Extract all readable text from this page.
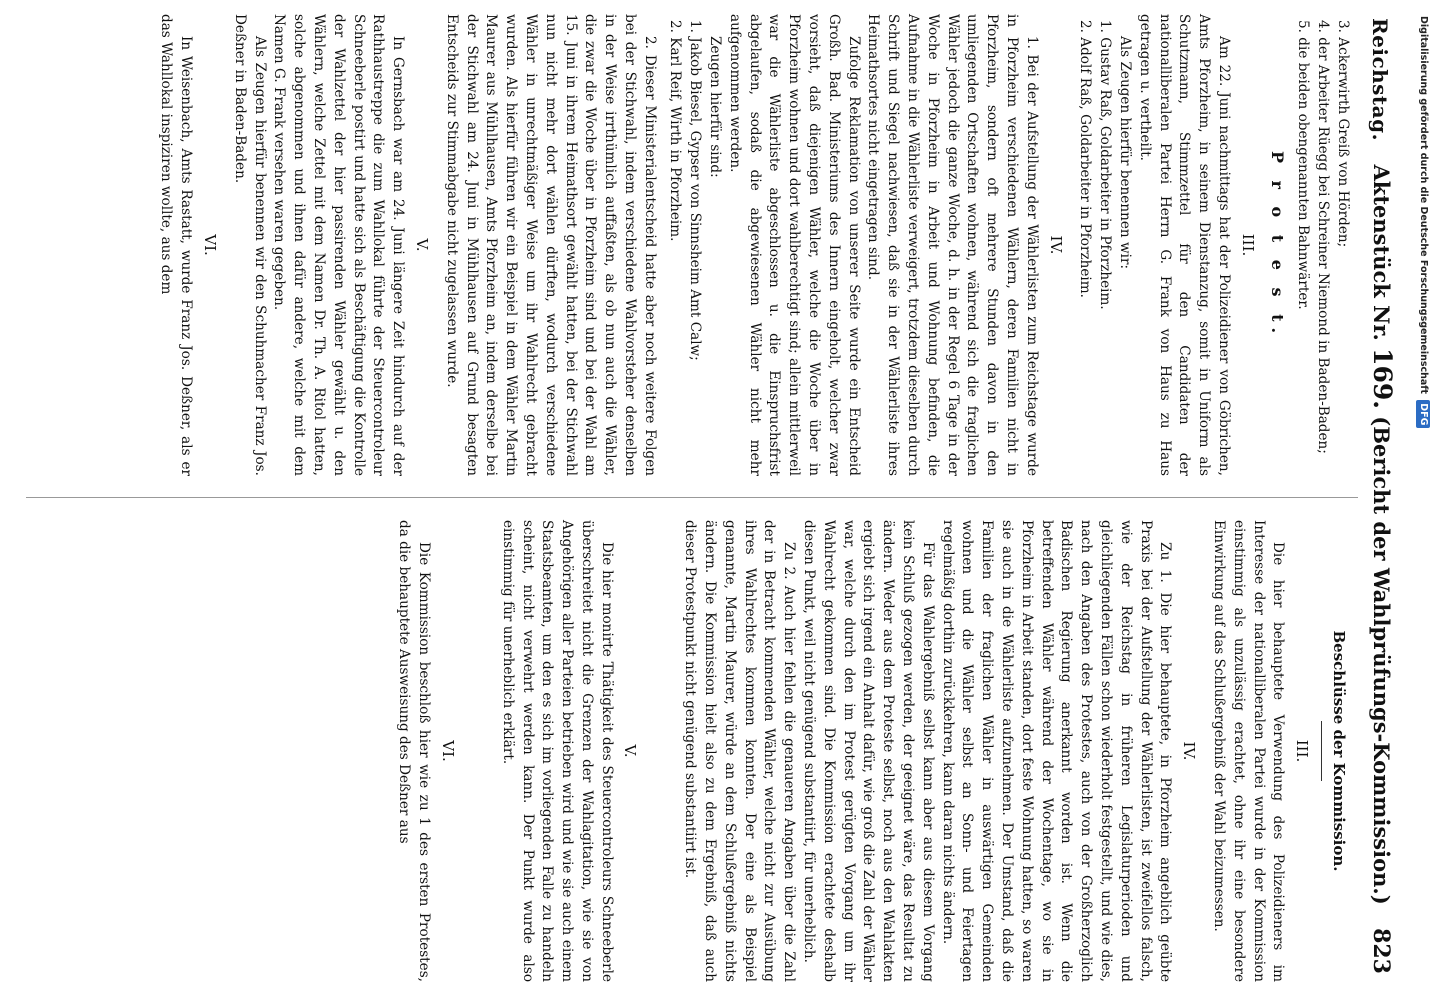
Reichstag.
Aktenstück Nr. 169. (Bericht der Wahlprüfungs-Kommission.)
823
3. Ackerwirth Greiß von Hörden;
4. der Arbeiter Rüegg bei Schreiner Niemond in Baden-Baden;
5. die beiden obengenannten Bahnwärter.
P r o t e s t.
III.

Am 22. Juni nachmittags hat der Polizeidiener von Göbrichen, Amts Pforzheim, in seinem Dienstanzug, somit in Uniform als Schutzmann, Stimmzettel für den Candidaten der nationalliberalen Partei Herrn G. Frank von Haus zu Haus getragen u. vertheilt.

Als Zeugen hierfür benennen wir:

1. Gustav Raß, Goldarbeiter in Pforzheim.
2. Adolf Raß, Goldarbeiter in Pforzheim.
IV.

1. Bei der Aufstellung der Wählerlisten zum Reichstage wurde in Pforzheim verschiedenen Wählern, deren Familien nicht in Pforzheim, sondern oft mehrere Stunden davon in den umliegenden Ortschaften wohnen, während sich die fraglichen Wähler jedoch die ganze Woche, d. h. in der Regel 6 Tage in der Woche in Pforzheim in Arbeit und Wohnung befinden, die Aufnahme in die Wählerliste verweigert, trotzdem dieselben durch Schrift und Siegel nachwiesen, daß sie in der Wählerliste ihres Heimathsortes nicht eingetragen sind.

Zufolge Reklamation von unserer Seite wurde ein Entscheid Großh. Bad. Ministeriums des Innern eingeholt, welcher zwar vorsieht, daß diejenigen Wähler, welche die Woche über in Pforzheim wohnen und dort wahlberechtigt sind; allein mittlerweil war die Wählerliste abgeschlossen u. die Einspruchsfrist abgelaufen, sodaß die abgewiesenen Wähler nicht mehr aufgenommen werden.

Zeugen hierfür sind:

1. Jakob Biesel, Gypser von Sinnsheim Amt Calw;
2. Karl Reif, Wirth in Pforzheim.

2. Dieser Ministerialentscheid hatte aber noch weitere Folgen bei der Stichwahl, indem verschiedene Wahlvorsteher denselben in der Weise irrthümlich auffaßten, als ob nun auch die Wähler, die zwar die Woche über in Pforzheim sind und bei der Wahl am 15. Juni in ihrem Heimathsort gewählt hatten, bei der Stichwahl nun nicht mehr dort wählen dürften, wodurch verschiedene Wähler in unrechtmäßiger Weise um ihr Wahlrecht gebracht wurden. Als hierfür führen wir ein Beispiel in dem Wähler Martin Maurer aus Mühlhausen, Amts Pforzheim an, indem derselbe bei der Stichwahl am 24. Juni in Mühlhausen auf Grund besagten Entscheids zur Stimmabgabe nicht zugelassen wurde.

V.

In Gernsbach war am 24. Juni längere Zeit hindurch auf der Rathhaustreppe die zum Wahllokal führte der Steuercontroleur Schneeberle postirt und hatte sich als Beschäftigung die Kontrolle der Wahlzettel der hier passirenden Wähler gewählt u. den Wählern, welche Zettel mit dem Namen Dr. Th. A. Ritol hatten, solche abgenommen und ihnen dafür andere, welche mit dem Namen G. Frank versehen waren gegeben.

Als Zeugen hierfür benennen wir den Schuhmacher Franz Jos. Deßner in Baden-Baden.

VI.

In Weisenbach, Amts Rastatt, wurde Franz Jos. Deßner, als er das Wahllokal inspiziren wollte, aus dem

Beschlüsse der Kommission.
III.

Die hier behauptete Verwendung des Polizeidieners im Interesse der nationalliberalen Partei wurde in der Kommission einstimmig als unzulässig erachtet, ohne ihr eine besondere Einwirkung auf das Schlußergebniß der Wahl beizumessen.

IV.

Zu 1. Die hier behauptete, in Pforzheim angeblich geübte Praxis bei der Aufstellung der Wählerlisten, ist zweifellos falsch, wie der Reichstag in früheren Legislaturperioden und gleichliegenden Fällen schon wiederholt festgestellt, und wie dies, nach den Angaben des Protestes, auch von der Großherzoglich Badischen Regierung anerkannt worden ist. Wenn die betreffenden Wähler während der Wochentage, wo sie in Pforzheim in Arbeit standen, dort feste Wohnung hatten, so waren sie auch in die Wählerliste aufzunehmen. Der Umstand, daß die Familien der fraglichen Wähler in auswärtigen Gemeinden wohnen und die Wähler selbst an Sonn- und Feiertagen regelmäßig dorthin zurückkehren, kann daran nichts ändern.

Für das Wahlergebniß selbst kann aber aus diesem Vorgang kein Schluß gezogen werden, der geeignet wäre, das Resultat zu ändern. Weder aus dem Proteste selbst, noch aus den Wahlakten ergiebt sich irgend ein Anhalt dafür, wie groß die Zahl der Wähler war, welche durch den im Protest gerügten Vorgang um ihr Wahlrecht gekommen sind. Die Kommission erachtete deshalb diesen Punkt, weil nicht genügend substantiirt, für unerheblich.

Zu 2. Auch hier fehlen die genaueren Angaben über die Zahl der in Betracht kommenden Wähler, welche nicht zur Ausübung ihres Wahlrechtes kommen konnten. Der eine als Beispiel genannte, Martin Maurer, würde an dem Schlußergebniß nichts ändern. Die Kommission hielt also zu dem Ergebniß, daß auch dieser Protestpunkt nicht genügend substantiirt ist.

V.

Die hier monirte Thätigkeit des Steuercontroleurs Schneeberle überschreitet nicht die Grenzen der Wahlagitation, wie sie von Angehörigen aller Parteien betrieben wird und wie sie auch einem Staatsbeamten, um den es sich im vorliegenden Falle zu handeln scheint, nicht verwehrt werden kann. Der Punkt wurde also einstimmig für unerheblich erklärt.

VI.

Die Kommission beschloß hier wie zu 1 des ersten Protestes, da die behauptete Ausweisung des Deßner aus

Digitalisierung gefördert durch die Deutsche Forschungsgemeinschaft DFG
